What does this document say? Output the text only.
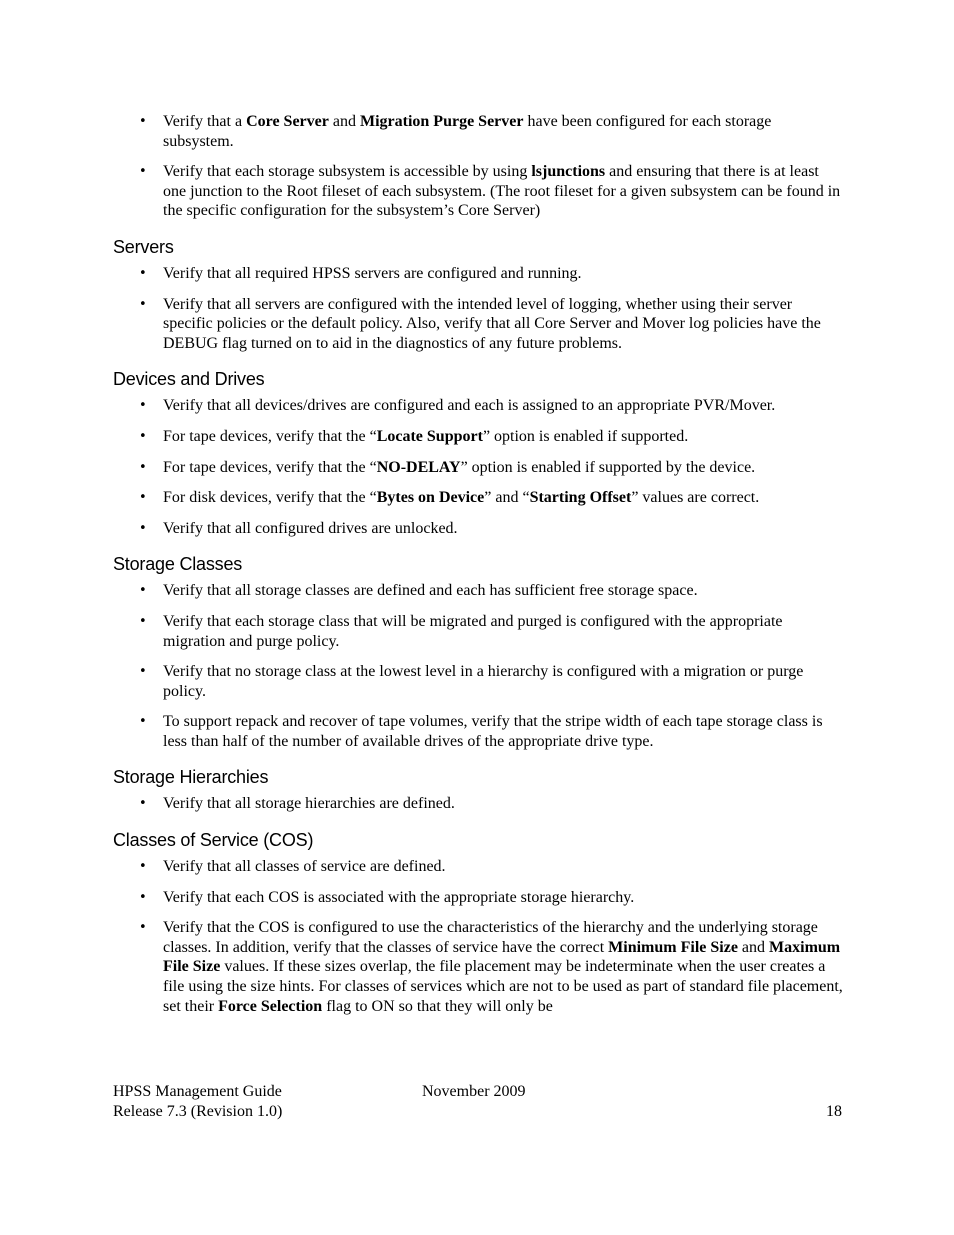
• Verify that a Core Server and Migration Purge Server have been configured for each storage subsystem.
• Verify that each storage subsystem is accessible by using lsjunctions and ensuring that there is at least one junction to the Root fileset of each subsystem. (The root fileset for a given subsystem can be found in the specific configuration for the subsystem’s Core Server)
Servers
• Verify that all required HPSS servers are configured and running.
• Verify that all servers are configured with the intended level of logging, whether using their server specific policies or the default policy. Also, verify that all Core Server and Mover log policies have the DEBUG flag turned on to aid in the diagnostics of any future problems.
Devices and Drives
• Verify that all devices/drives are configured and each is assigned to an appropriate PVR/Mover.
• For tape devices, verify that the “Locate Support” option is enabled if supported.
• For tape devices, verify that the “NO-DELAY” option is enabled if supported by the device.
• For disk devices, verify that the “Bytes on Device” and “Starting Offset” values are correct.
• Verify that all configured drives are unlocked.
Storage Classes
• Verify that all storage classes are defined and each has sufficient free storage space.
• Verify that each storage class that will be migrated and purged is configured with the appropriate migration and purge policy.
• Verify that no storage class at the lowest level in a hierarchy is configured with a migration or purge policy.
• To support repack and recover of tape volumes, verify that the stripe width of each tape storage class is less than half of the number of available drives of the appropriate drive type.
Storage Hierarchies
• Verify that all storage hierarchies are defined.
Classes of Service (COS)
• Verify that all classes of service are defined.
• Verify that each COS is associated with the appropriate storage hierarchy.
• Verify that the COS is configured to use the characteristics of the hierarchy and the underlying storage classes. In addition, verify that the classes of service have the correct Minimum File Size and Maximum File Size values. If these sizes overlap, the file placement may be indeterminate when the user creates a file using the size hints. For classes of services which are not to be used as part of standard file placement, set their Force Selection flag to ON so that they will only be
HPSS Management Guide	November 2009
Release 7.3 (Revision 1.0)	18
